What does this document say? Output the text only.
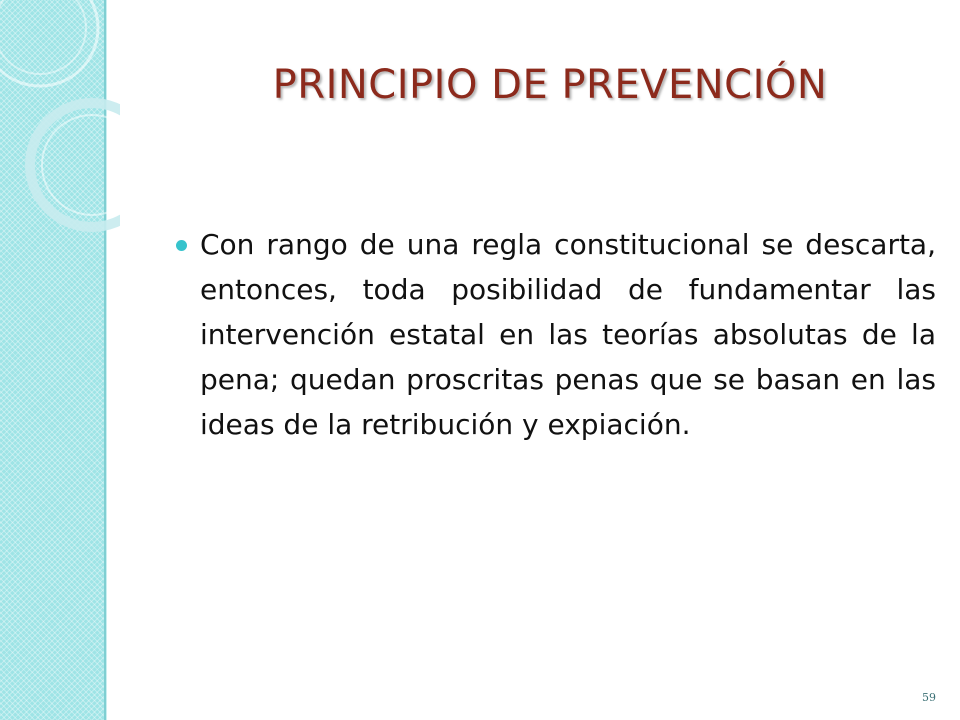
PRINCIPIO DE PREVENCIÓN
Con rango de una regla constitucional se descarta, entonces, toda posibilidad de fundamentar las intervención estatal en las teorías absolutas de la pena; quedan proscritas penas que se basan en las ideas de la retribución y expiación.
59
